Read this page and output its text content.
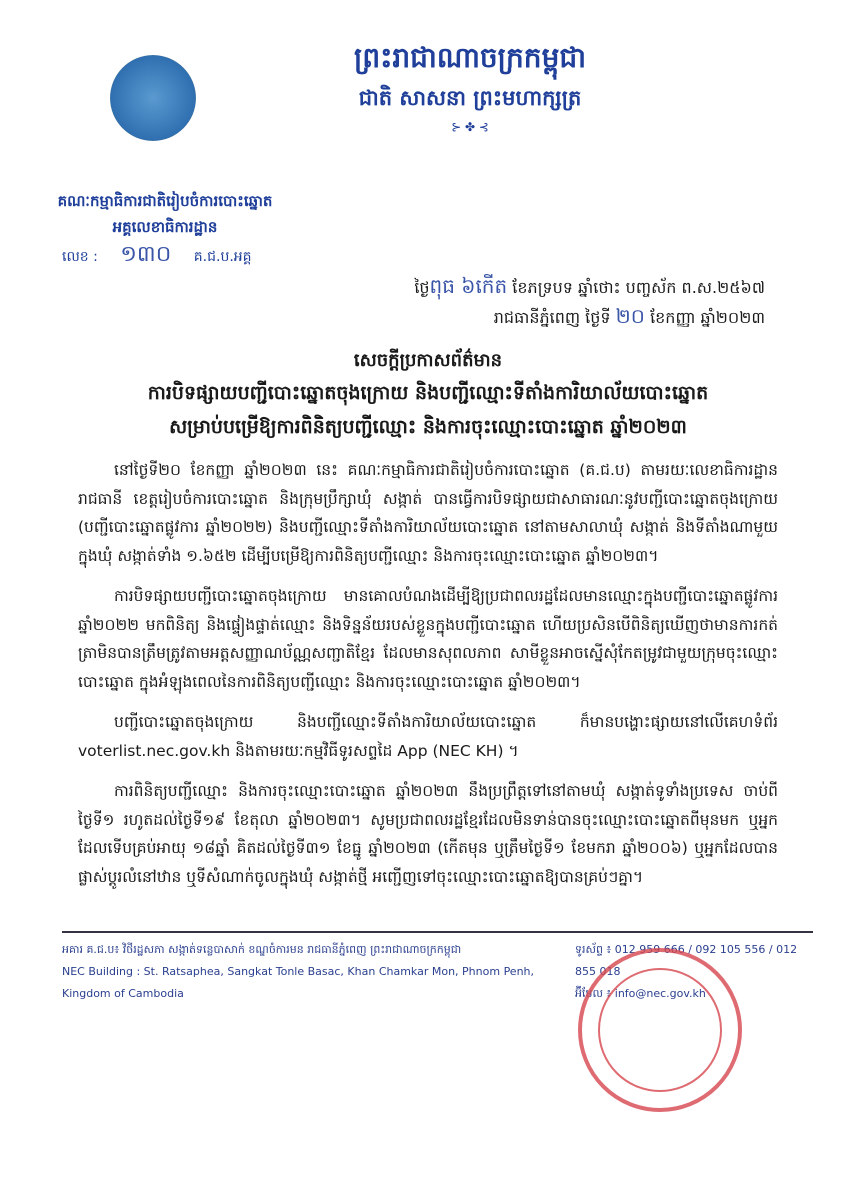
ព្រះរាជាណាចក្រកម្ពុជា
ជាតិ សាសនា ព្រះមហាក្សត្រ
⊱ ✤ ⊰
គណៈកម្មាធិការជាតិរៀបចំការបោះឆ្នោត
អគ្គលេខាធិការដ្ឋាន
លេខ : ១៣០ គ.ជ.ប.អគ្គ
ថ្ងៃពុធ ៦កើត ខែភទ្របទ ឆ្នាំថោះ បញ្ចស័ក ព.ស.២៥៦៧
រាជធានីភ្នំពេញ ថ្ងៃទី ២០ ខែកញ្ញា ឆ្នាំ២០២៣
សេចក្តីប្រកាសព័ត៌មាន
ការបិទផ្សាយបញ្ជីបោះឆ្នោតចុងក្រោយ និងបញ្ជីឈ្មោះទីតាំងការិយាល័យបោះឆ្នោត
សម្រាប់បម្រើឱ្យការពិនិត្យបញ្ជីឈ្មោះ និងការចុះឈ្មោះបោះឆ្នោត ឆ្នាំ២០២៣
នៅថ្ងៃទី២០ ខែកញ្ញា ឆ្នាំ២០២៣ នេះ គណៈកម្មាធិការជាតិរៀបចំការបោះឆ្នោត (គ.ជ.ប) តាមរយៈលេខាធិការដ្ឋានរាជធានី ខេត្តរៀបចំការបោះឆ្នោត និងក្រុមប្រឹក្សាឃុំ សង្កាត់ បានធ្វើការបិទផ្សាយជាសាធារណៈនូវបញ្ជីបោះឆ្នោតចុងក្រោយ (បញ្ជីបោះឆ្នោតផ្លូវការ ឆ្នាំ២០២២) និងបញ្ជីឈ្មោះទីតាំងការិយាល័យបោះឆ្នោត នៅតាមសាលាឃុំ សង្កាត់ និងទីតាំងណាមួយក្នុងឃុំ សង្កាត់ទាំង ១.៦៥២ ដើម្បីបម្រើឱ្យការពិនិត្យបញ្ជីឈ្មោះ និងការចុះឈ្មោះបោះឆ្នោត ឆ្នាំ២០២៣។
ការបិទផ្សាយបញ្ជីបោះឆ្នោតចុងក្រោយ មានគោលបំណងដើម្បីឱ្យប្រជាពលរដ្ឋដែលមានឈ្មោះក្នុងបញ្ជីបោះឆ្នោតផ្លូវការ ឆ្នាំ២០២២ មកពិនិត្យ និងផ្ទៀងផ្ទាត់ឈ្មោះ និងទិន្នន័យរបស់ខ្លួនក្នុងបញ្ជីបោះឆ្នោត ហើយប្រសិនបើពិនិត្យឃើញថាមានការកត់ត្រាមិនបានត្រឹមត្រូវតាមអត្តសញ្ញាណប័ណ្ណសញ្ជាតិខ្មែរ ដែលមានសុពលភាព សាមីខ្លួនអាចស្នើសុំកែតម្រូវជាមួយក្រុមចុះឈ្មោះបោះឆ្នោត ក្នុងអំឡុងពេលនៃការពិនិត្យបញ្ជីឈ្មោះ និងការចុះឈ្មោះបោះឆ្នោត ឆ្នាំ២០២៣។
បញ្ជីបោះឆ្នោតចុងក្រោយ និងបញ្ជីឈ្មោះទីតាំងការិយាល័យបោះឆ្នោត ក៏មានបង្ហោះផ្សាយនៅលើគេហទំព័រ voterlist.nec.gov.kh និងតាមរយៈកម្មវិធីទូរសព្ទដៃ App (NEC KH) ។
ការពិនិត្យបញ្ជីឈ្មោះ និងការចុះឈ្មោះបោះឆ្នោត ឆ្នាំ២០២៣ នឹងប្រព្រឹត្តទៅនៅតាមឃុំ សង្កាត់ទូទាំងប្រទេស ចាប់ពីថ្ងៃទី១ រហូតដល់ថ្ងៃទី១៩ ខែតុលា ឆ្នាំ២០២៣។ សូមប្រជាពលរដ្ឋខ្មែរដែលមិនទាន់បានចុះឈ្មោះបោះឆ្នោតពីមុនមក ឬអ្នកដែលទើបគ្រប់អាយុ ១៨ឆ្នាំ គិតដល់ថ្ងៃទី៣១ ខែធ្នូ ឆ្នាំ២០២៣ (កើតមុន ឬត្រឹមថ្ងៃទី១ ខែមករា ឆ្នាំ២០០៦) ឬអ្នកដែលបានផ្លាស់ប្តូរលំនៅឋាន ឬទីសំណាក់ចូលក្នុងឃុំ សង្កាត់ថ្មី អញ្ជើញទៅចុះឈ្មោះបោះឆ្នោតឱ្យបានគ្រប់ៗគ្នា។
អគារ គ.ជ.ប៖ វិថីរដ្ឋសភា សង្កាត់ទន្លេបាសាក់ ខណ្ឌចំការមន រាជធានីភ្នំពេញ ព្រះរាជាណាចក្រកម្ពុជា
NEC Building : St. Ratsaphea, Sangkat Tonle Basac, Khan Chamkar Mon, Phnom Penh, Kingdom of Cambodia
ទូរស័ព្ទ ៖ 012 959 666 / 092 105 556 / 012 855 018
អ៊ីមែល ៖ info@nec.gov.kh
